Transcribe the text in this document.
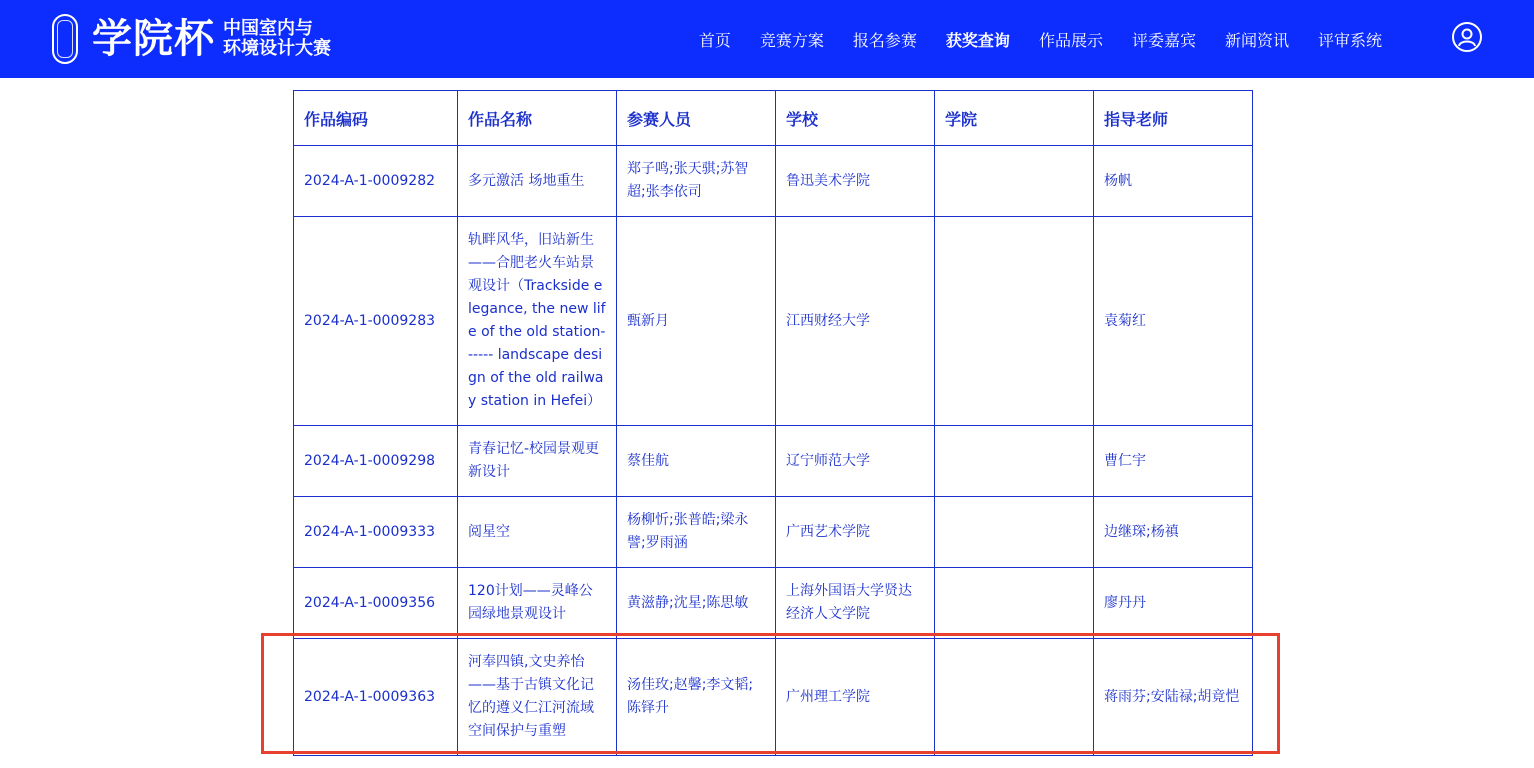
学院杯 中国室内与
环境设计大赛	首页 竞赛方案 报名参赛 获奖查询 作品展示 评委嘉宾 新闻资讯 评审系统
作品编码	作品名称	参赛人员	学校	学院	指导老师
2024-A-1-0009282	多元激活 场地重生	郑子鸣;张天骐;苏智超;张李依司	鲁迅美术学院		杨帆
2024-A-1-0009283	轨畔风华，旧站新生——合肥老火车站景观设计（Trackside elegance, the new life of the old station------ landscape design of the old railway station in Hefei）	甄新月	江西财经大学		袁菊红
2024-A-1-0009298	青春记忆-校园景观更新设计	蔡佳航	辽宁师范大学		曹仁宇
2024-A-1-0009333	阅星空	杨柳忻;张普皓;梁永譬;罗雨涵	广西艺术学院		边继琛;杨禛
2024-A-1-0009356	120计划——灵峰公园绿地景观设计	黄滋静;沈星;陈思敏	上海外国语大学贤达经济人文学院		廖丹丹
2024-A-1-0009363	河奉四镇,文史养怡——基于古镇文化记忆的遵义仁江河流域空间保护与重塑	汤佳玫;赵馨;李文韬;陈铎升	广州理工学院		蒋雨芬;安陆禄;胡竟恺
